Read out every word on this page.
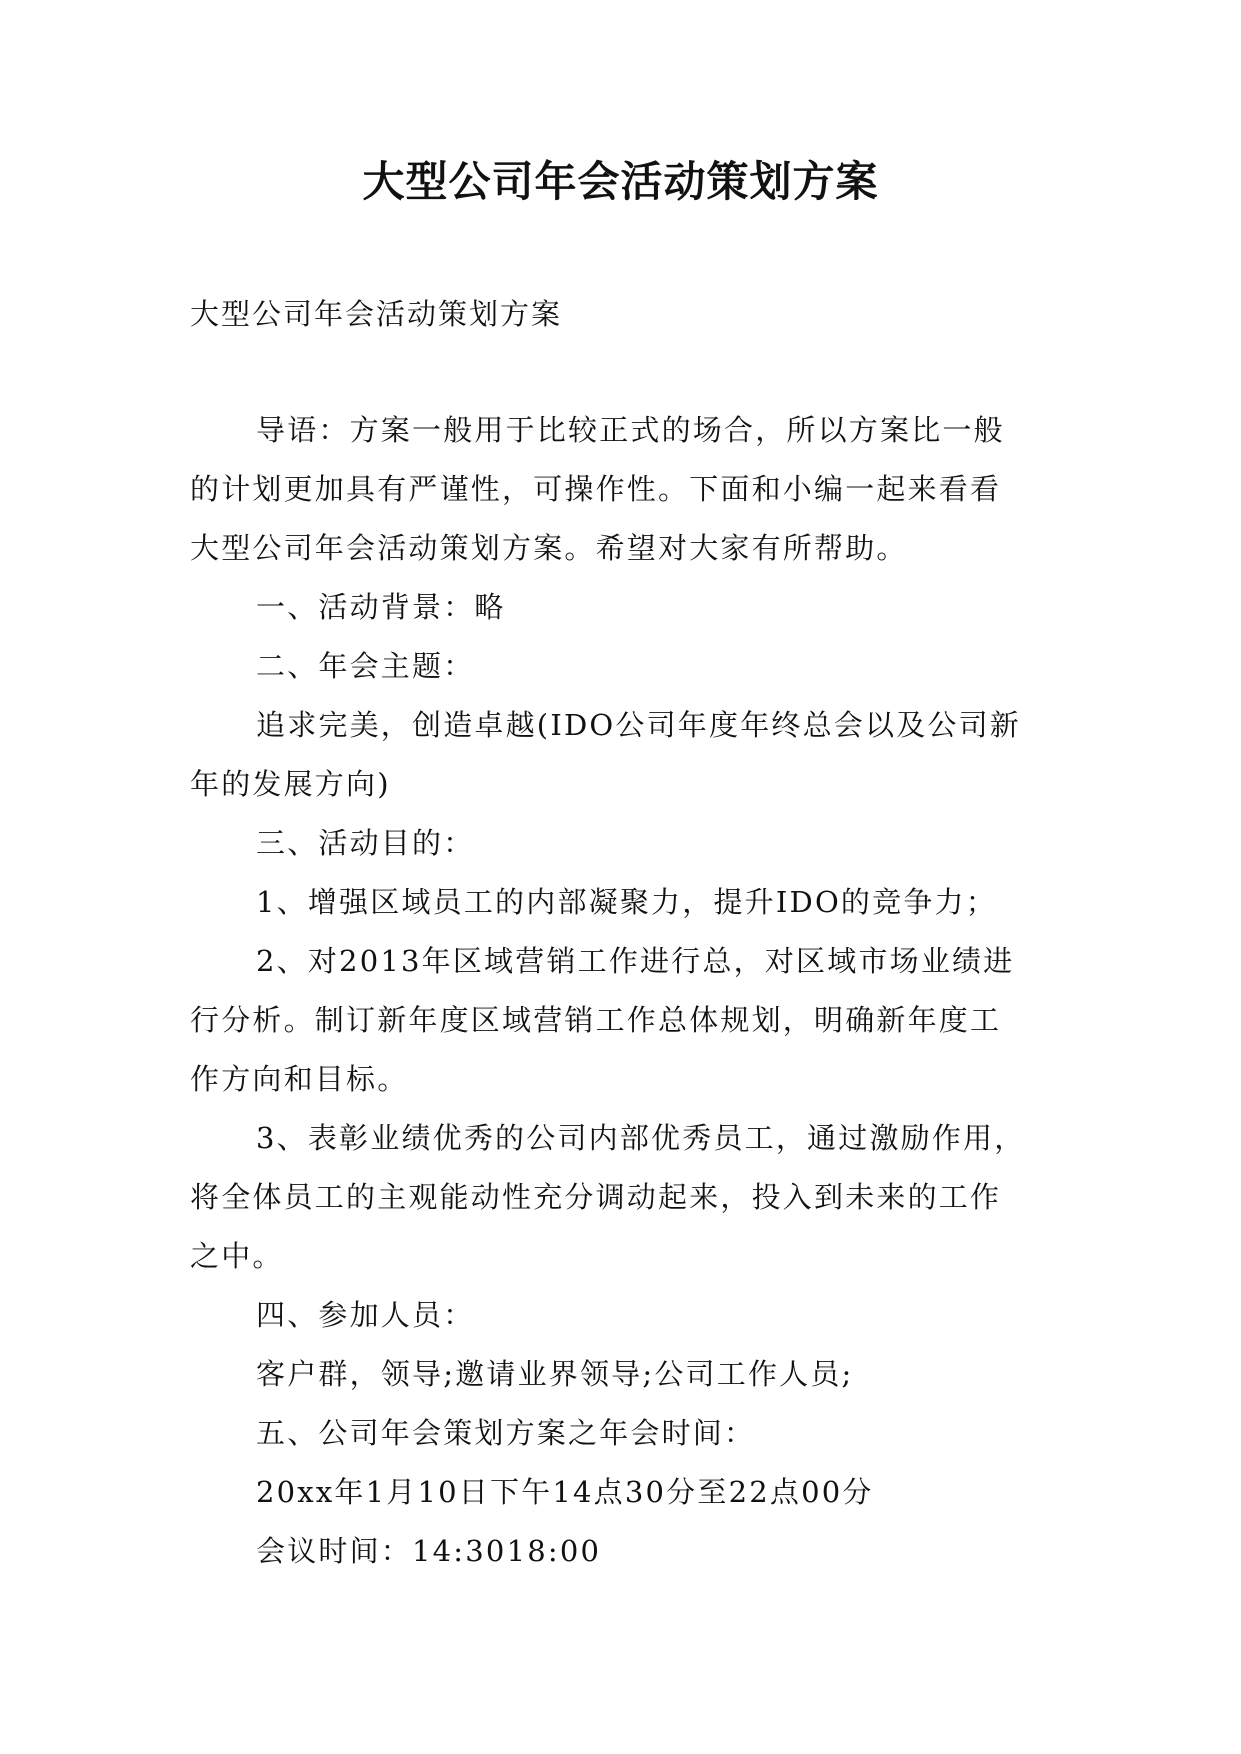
大型公司年会活动策划方案
大型公司年会活动策划方案
导语：方案一般用于比较正式的场合，所以方案比一般
的计划更加具有严谨性，可操作性。下面和小编一起来看看
大型公司年会活动策划方案。希望对大家有所帮助。
一、活动背景：略
二、年会主题：
追求完美，创造卓越(IDO公司年度年终总会以及公司新
年的发展方向)
三、活动目的：
1、增强区域员工的内部凝聚力，提升IDO的竞争力；
2、对2013年区域营销工作进行总，对区域市场业绩进
行分析。制订新年度区域营销工作总体规划，明确新年度工
作方向和目标。
3、表彰业绩优秀的公司内部优秀员工，通过激励作用，
将全体员工的主观能动性充分调动起来，投入到未来的工作
之中。
四、参加人员：
客户群，领导;邀请业界领导;公司工作人员;
五、公司年会策划方案之年会时间：
20xx年1月10日下午14点30分至22点00分
会议时间：14:3018:00
